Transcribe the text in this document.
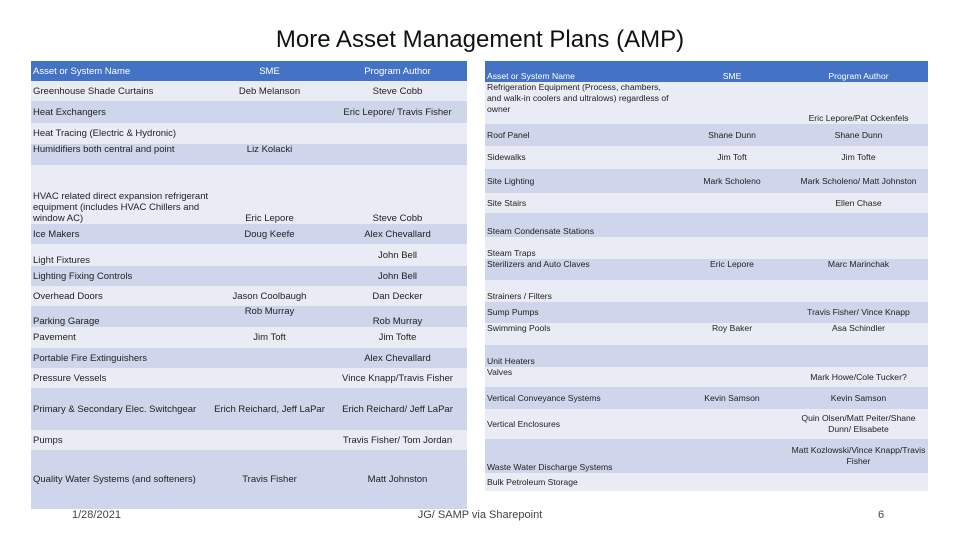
More Asset Management Plans (AMP)
Asset or System Name	SME	Program Author
Greenhouse Shade Curtains	Deb Melanson	Steve Cobb
Heat Exchangers		Eric Lepore/ Travis Fisher
Heat Tracing (Electric & Hydronic)		
Humidifiers both central and point	Liz Kolacki	
HVAC related direct expansion refrigerant equipment (includes HVAC Chillers and window AC)	Eric Lepore	Steve Cobb
Ice Makers	Doug Keefe	Alex Chevallard
Light Fixtures		John Bell
Lighting Fixing Controls		John Bell
Overhead Doors	Jason Coolbaugh	Dan Decker
Parking Garage	Rob Murray	Rob Murray
Pavement	Jim Toft	Jim Tofte
Portable Fire Extinguishers		Alex Chevallard
Pressure Vessels		Vince Knapp/Travis Fisher
Primary & Secondary Elec. Switchgear	Erich Reichard, Jeff LaPar	Erich Reichard/ Jeff LaPar
Pumps		Travis Fisher/ Tom Jordan
Quality Water Systems (and softeners)	Travis Fisher	Matt Johnston
Asset or System Name	SME	Program Author
Refrigeration Equipment (Process, chambers, and walk-in coolers and ultralows) regardless of owner		Eric Lepore/Pat Ockenfels
Roof Panel	Shane Dunn	Shane Dunn
Sidewalks	Jim Toft	Jim Tofte
Site Lighting	Mark Scholeno	Mark Scholeno/ Matt Johnston
Site Stairs		Ellen Chase
Steam Condensate Stations		
Steam Traps		
Sterilizers and Auto Claves	Eric Lepore	Marc Marinchak
Strainers / Filters		
Sump Pumps		Travis Fisher/ Vince Knapp
Swimming Pools	Roy Baker	Asa Schindler
Unit Heaters		
Valves		Mark Howe/Cole Tucker?
Vertical Conveyance Systems	Kevin Samson	Kevin Samson
Vertical Enclosures		Quin Olsen/Matt Peiter/Shane Dunn/ Elisabete
Waste Water Discharge Systems		Matt Kozlowski/Vince Knapp/Travis Fisher
Bulk Petroleum Storage		
1/28/2021	JG/ SAMP via Sharepoint	6
